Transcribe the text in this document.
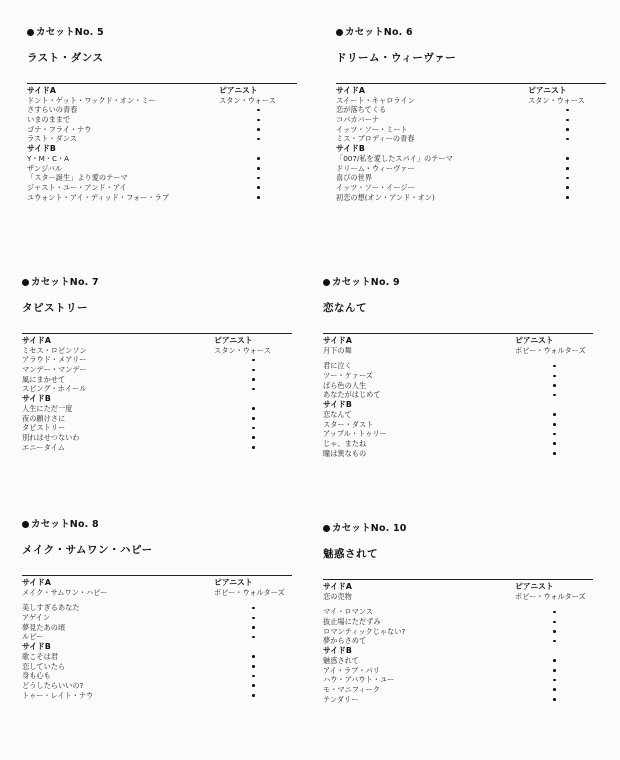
カセットNo. 5
ラスト・ダンス
サイドA	ピアニスト
ドント・ゲット・ワックド・オン・ミー	スタン・ウォース
さすらいの青春
いまのままで
ゴナ・フライ・ナウ
ラスト・ダンス
サイドB
Y・M・C・A
ザンジバル
「スター誕生」より愛のテーマ
ジャスト・ユー・アンド・アイ
ユウォント・アイ・ディッド・フォー・ラブ
カセットNo. 6
ドリーム・ウィーヴァー
サイドA	ピアニスト
スイート・キャロライン	スタン・ウォース
恋が落ちてくる
コパカバーナ
イッツ・ソー・ミート
ミス・ブロディーの青春
サイドB
「007/私を愛したスパイ」のテーマ
ドリーム・ウィーヴァー
喜びの世界
イッツ・ソー・イージー
初恋の想(オン・アンド・オン)
カセットNo. 7
タピストリー
サイドA	ピアニスト
ミセス・ロビンソン	スタン・ウォース
アラウド・メアリー
マンデー・マンデー
風にまかせて
スピング・ホイール
サイドB
人生にただ一度
夜の願けさに
タピストリー
別れはせつないわ
エニータイム
カセットNo. 9
恋なんて
サイドA	ピアニスト
月下の舞	ボビー・ウォルターズ
君に泣く
ツー・ケァーズ
ばら色の人生
あなたがはじめて
サイドB
恋なんて
スター・ダスト
アップル・トゥリー
じゃ、またね
瞳は異なもの
カセットNo. 8
メイク・サムワン・ハピー
サイドA	ピアニスト
メイク・サムワン・ハピー	ボビー・ウォルターズ
美しすぎるあなた
アゲイン
夢見たあの頃
ルビー
サイドB
歌こそは君
恋していたら
身も心も
どうしたらいいの?
トゥー・レイト・ナウ
カセットNo. 10
魅惑されて
サイドA	ピアニスト
恋の売物	ボビー・ウォルターズ
マイ・ロマンス
抜止場にただずみ
ロマンティックじゃない?
夢からさめて
サイドB
魅惑されて
アイ・ラブ・パリ
ハウ・アバウト・ユー
モ・マニフィーク
テンダリー
